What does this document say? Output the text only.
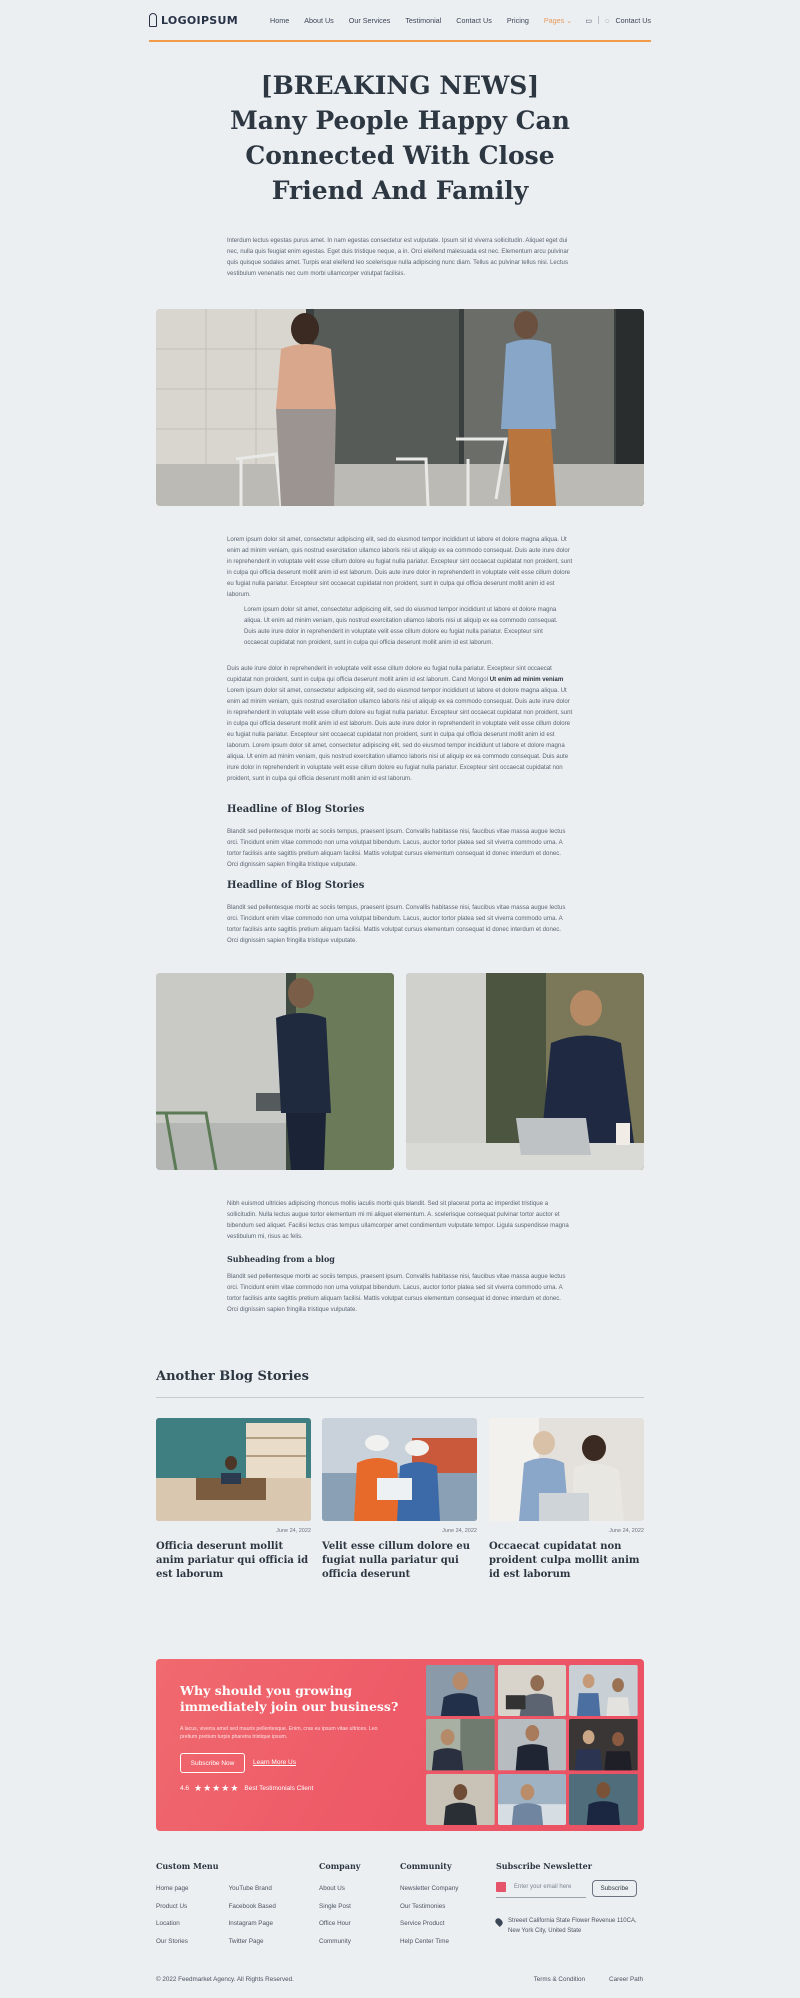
LOGOIPSUM	Home About Us Our Services Testimonial Contact Us Pricing Pages ⌄ ▭ ◌ Contact Us
[BREAKING NEWS]
Many People Happy Can
Connected With Close
Friend And Family

Interdum lectus egestas purus amet. In nam egestas consectetur est vulputate. Ipsum sit id viverra sollicitudin. Aliquet eget dui nec, nulla quis feugiat enim egestas. Eget duis tristique neque, a in. Orci eleifend malesuada est nec. Elementum arcu pulvinar quis quisque sodales amet. Turpis erat eleifend leo scelerisque nulla adipiscing nunc diam. Tellus ac pulvinar tellus nisi. Lectus vestibulum venenatis nec cum morbi ullamcorper volutpat facilisis.

Lorem ipsum dolor sit amet, consectetur adipiscing elit, sed do eiusmod tempor incididunt ut labore et dolore magna aliqua. Ut enim ad minim veniam, quis nostrud exercitation ullamco laboris nisi ut aliquip ex ea commodo consequat. Duis aute irure dolor in reprehenderit in voluptate velit esse cillum dolore eu fugiat nulla pariatur. Excepteur sint occaecat cupidatat non proident, sunt in culpa qui officia deserunt mollit anim id est laborum. Duis aute irure dolor in reprehenderit in voluptate velit esse cillum dolore eu fugiat nulla pariatur. Excepteur sint occaecat cupidatat non proident, sunt in culpa qui officia deserunt mollit anim id est laborum.

Lorem ipsum dolor sit amet, consectetur adipiscing elit, sed do eiusmod tempor incididunt ut labore et dolore magna aliqua. Ut enim ad minim veniam, quis nostrud exercitation ullamco laboris nisi ut aliquip ex ea commodo consequat. Duis aute irure dolor in reprehenderit in voluptate velit esse cillum dolore eu fugiat nulla pariatur. Excepteur sint occaecat cupidatat non proident, sunt in culpa qui officia deserunt mollit anim id est laborum.

Duis aute irure dolor in reprehenderit in voluptate velit esse cillum dolore eu fugiat nulla pariatur. Excepteur sint occaecat cupidatat non proident, sunt in culpa qui officia deserunt mollit anim id est laborum. Cand Mongol Ut enim ad minim veniam Lorem ipsum dolor sit amet, consectetur adipiscing elit, sed do eiusmod tempor incididunt ut labore et dolore magna aliqua. Ut enim ad minim veniam, quis nostrud exercitation ullamco laboris nisi ut aliquip ex ea commodo consequat. Duis aute irure dolor in reprehenderit in voluptate velit esse cillum dolore eu fugiat nulla pariatur. Excepteur sint occaecat cupidatat non proident, sunt in culpa qui officia deserunt mollit anim id est laborum. Duis aute irure dolor in reprehenderit in voluptate velit esse cillum dolore eu fugiat nulla pariatur. Excepteur sint occaecat cupidatat non proident, sunt in culpa qui officia deserunt mollit anim id est laborum. Lorem ipsum dolor sit amet, consectetur adipiscing elit, sed do eiusmod tempor incididunt ut labore et dolore magna aliqua. Ut enim ad minim veniam, quis nostrud exercitation ullamco laboris nisi ut aliquip ex ea commodo consequat. Duis aute irure dolor in reprehenderit in voluptate velit esse cillum dolore eu fugiat nulla pariatur. Excepteur sint occaecat cupidatat non proident, sunt in culpa qui officia deserunt mollit anim id est laborum.

Headline of Blog Stories

Blandit sed pellentesque morbi ac sociis tempus, praesent ipsum. Convallis habitasse nisi, faucibus vitae massa augue lectus orci. Tincidunt enim vitae commodo non urna volutpat bibendum. Lacus, auctor tortor platea sed sit viverra commodo urna. A tortor facilisis ante sagittis pretium aliquam facilisi. Mattis volutpat cursus elementum consequat id donec interdum et donec. Orci dignissim sapien fringilla tristique vulputate.

Headline of Blog Stories

Blandit sed pellentesque morbi ac sociis tempus, praesent ipsum. Convallis habitasse nisi, faucibus vitae massa augue lectus orci. Tincidunt enim vitae commodo non urna volutpat bibendum. Lacus, auctor tortor platea sed sit viverra commodo urna. A tortor facilisis ante sagittis pretium aliquam facilisi. Mattis volutpat cursus elementum consequat id donec interdum et donec. Orci dignissim sapien fringilla tristique vulputate.

Nibh euismod ultricies adipiscing rhoncus mollis iaculis morbi quis blandit. Sed sit placerat porta ac imperdiet tristique a sollicitudin. Nulla lectus augue tortor elementum mi mi aliquet elementum. A. scelerisque consequat pulvinar tortor auctor et bibendum sed aliquet. Facilisi lectus cras tempus ullamcorper amet condimentum vulputate tempor. Ligula suspendisse magna vestibulum mi, risus ac felis.

Subheading from a blog

Blandit sed pellentesque morbi ac sociis tempus, praesent ipsum. Convallis habitasse nisi, faucibus vitae massa augue lectus orci. Tincidunt enim vitae commodo non urna volutpat bibendum. Lacus, auctor tortor platea sed sit viverra commodo urna. A tortor facilisis ante sagittis pretium aliquam facilisi. Mattis volutpat cursus elementum consequat id donec interdum et donec. Orci dignissim sapien fringilla tristique vulputate.

Another Blog Stories
June 24, 2022
Officia deserunt mollit anim pariatur qui officia id est laborum
June 24, 2022
Velit esse cillum dolore eu fugiat nulla pariatur qui officia deserunt
June 24, 2022
Occaecat cupidatat non proident culpa mollit anim id est laborum
Why should you growing immediately join our business?
A lacus, viverra amet sed mauris pellentesque. Enim, cras eu ipsum vitae ultrices. Leo pretium pretium turpis pharetra tristique ipsum.
Subscribe Now	Learn More Us
4.6 ★★★★★ Best Testimonials Client
Custom Menu
Home page
Product Us
Location
Our Stories
YouTube Brand
Facebook Based
Instagram Page
Twitter Page
Company
About Us
Single Post
Office Hour
Community
Community
Newsletter Company
Our Testimonies
Service Product
Help Center Time
Subscribe Newsletter
Enter your email here	Subscribe
Streeet California State Flower Revenue 110CA, New York City, United State
© 2022 Feedmarket Agency. All Rights Reserved.	Terms & Condition	Career Path
